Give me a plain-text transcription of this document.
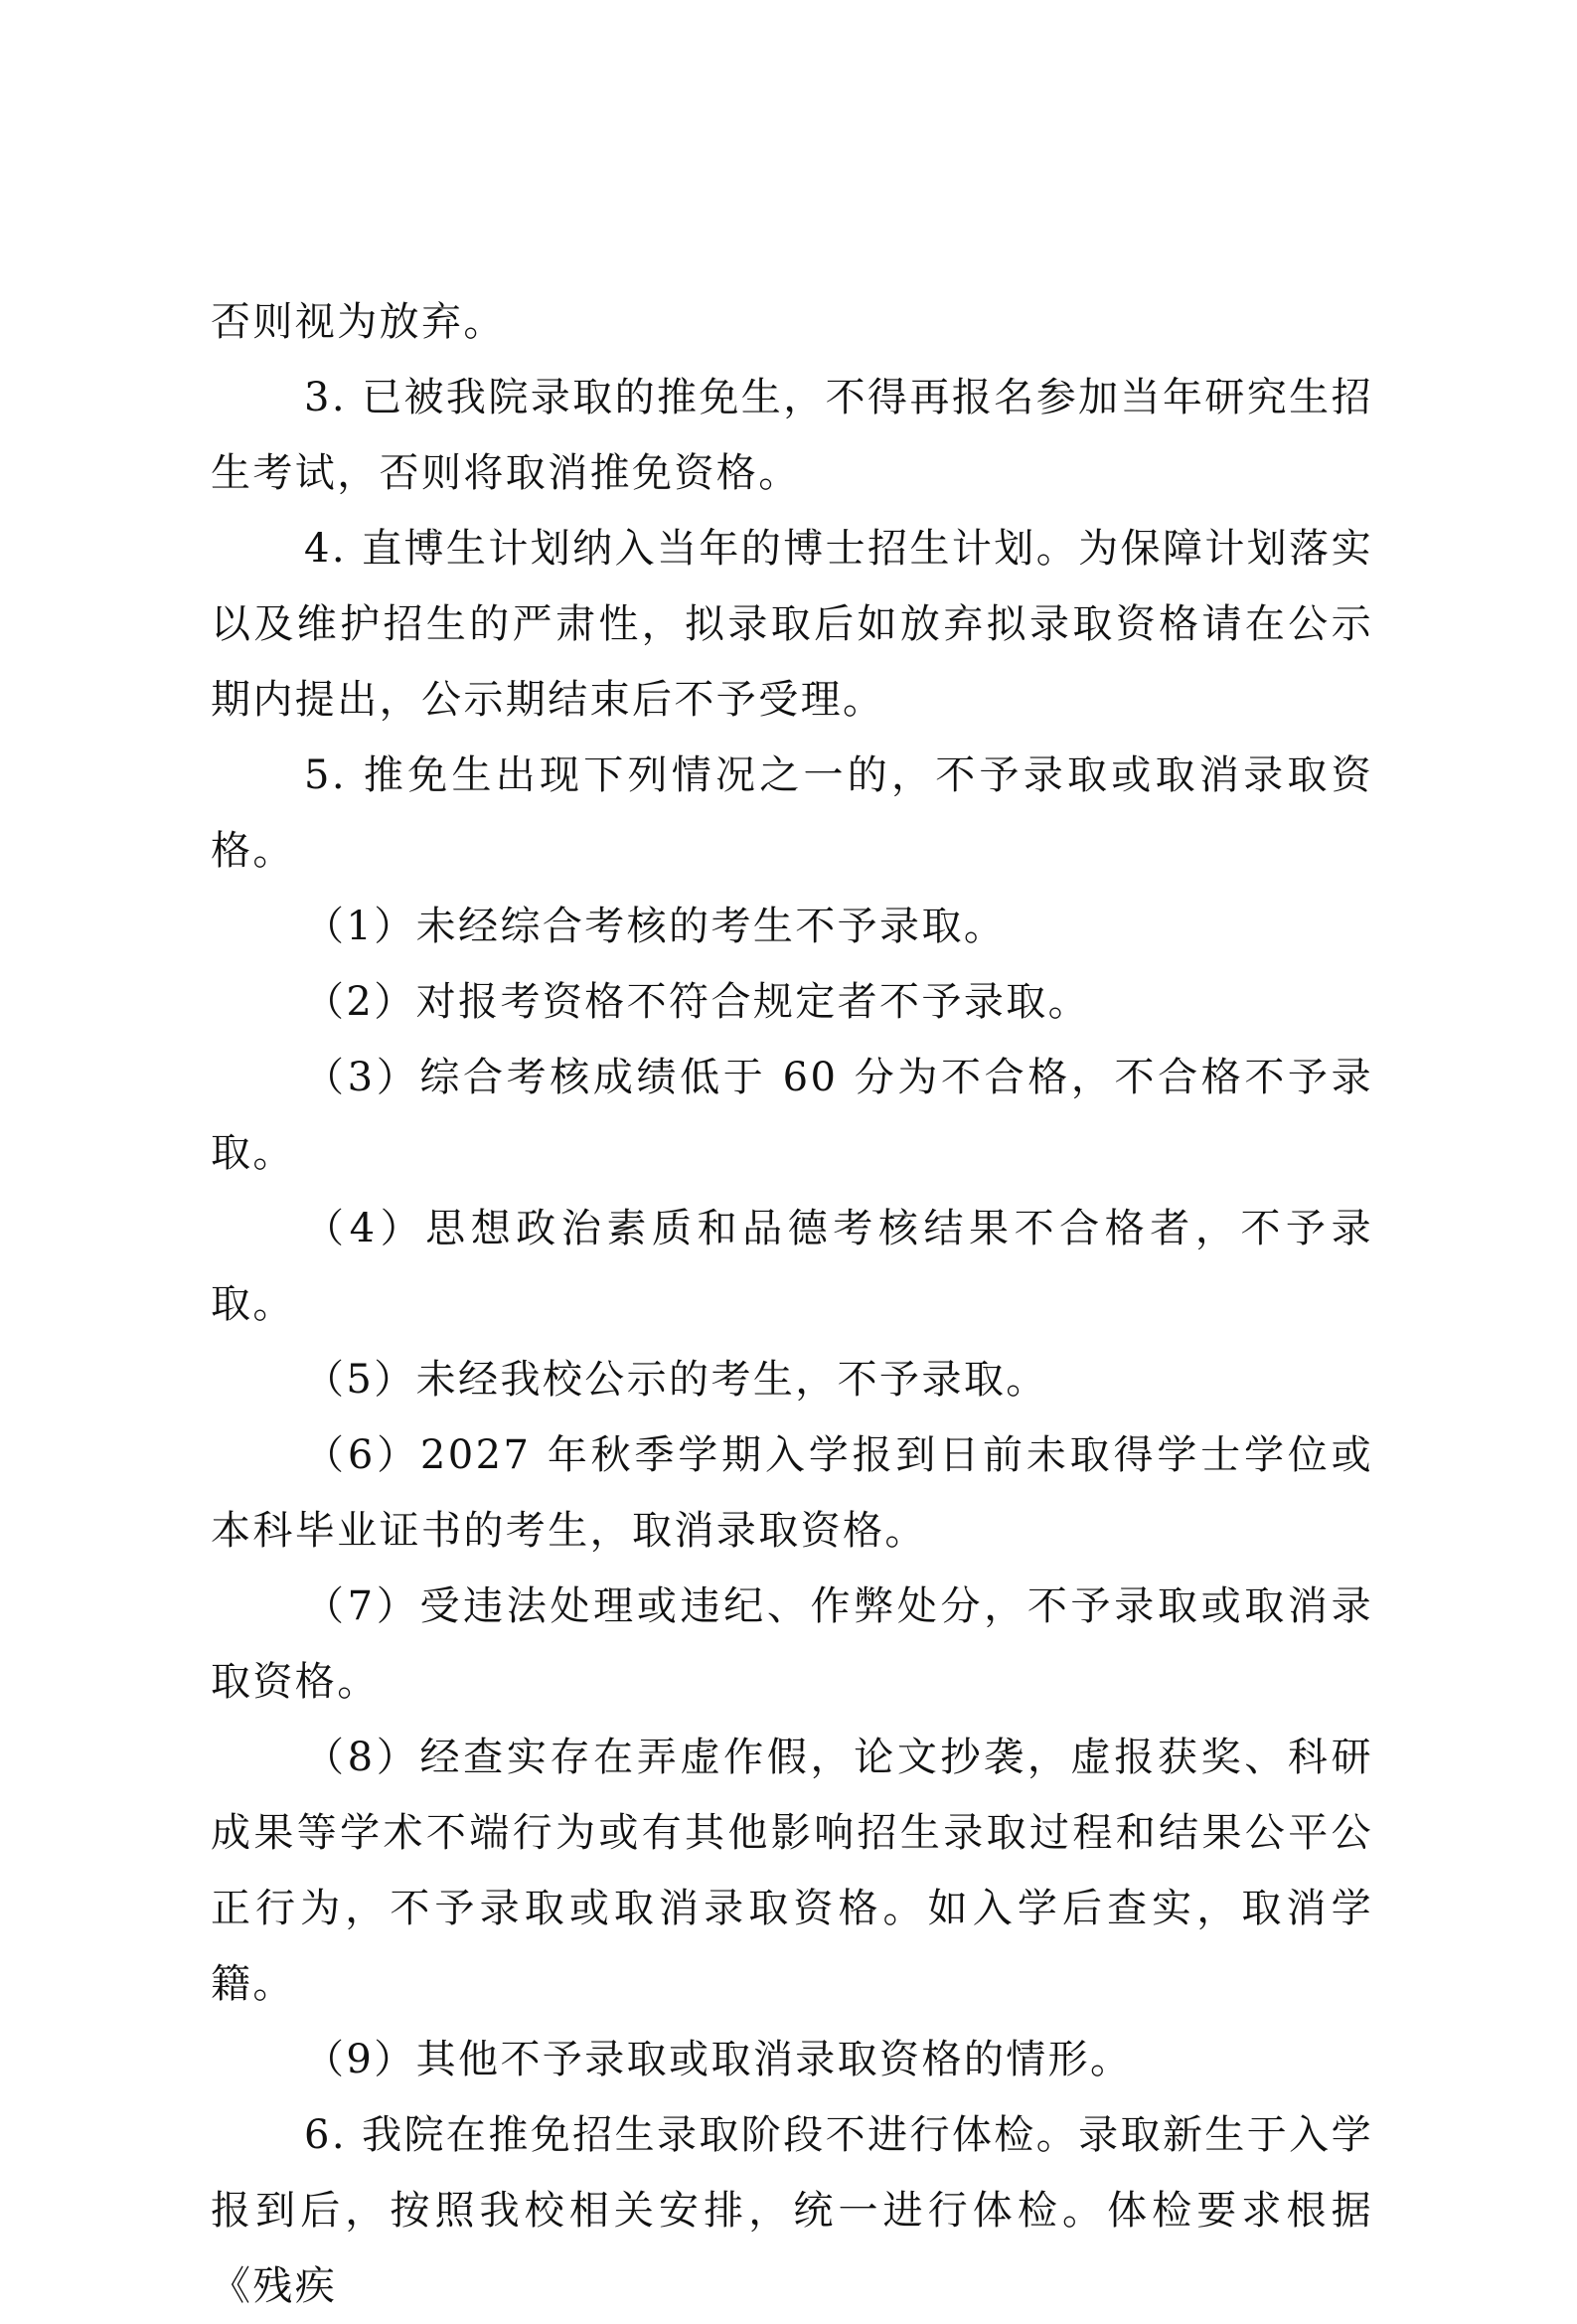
否则视为放弃。

3. 已被我院录取的推免生，不得再报名参加当年研究生招生考试，否则将取消推免资格。

4. 直博生计划纳入当年的博士招生计划。为保障计划落实以及维护招生的严肃性，拟录取后如放弃拟录取资格请在公示期内提出，公示期结束后不予受理。

5. 推免生出现下列情况之一的，不予录取或取消录取资格。

（1）未经综合考核的考生不予录取。

（2）对报考资格不符合规定者不予录取。

（3）综合考核成绩低于 60 分为不合格，不合格不予录取。

（4）思想政治素质和品德考核结果不合格者，不予录取。

（5）未经我校公示的考生，不予录取。

（6）2027 年秋季学期入学报到日前未取得学士学位或本科毕业证书的考生，取消录取资格。

（7）受违法处理或违纪、作弊处分，不予录取或取消录取资格。

（8）经查实存在弄虚作假，论文抄袭，虚报获奖、科研成果等学术不端行为或有其他影响招生录取过程和结果公平公正行为，不予录取或取消录取资格。如入学后查实，取消学籍。

（9）其他不予录取或取消录取资格的情形。

6. 我院在推免招生录取阶段不进行体检。录取新生于入学报到后，按照我校相关安排，统一进行体检。体检要求根据《残疾
